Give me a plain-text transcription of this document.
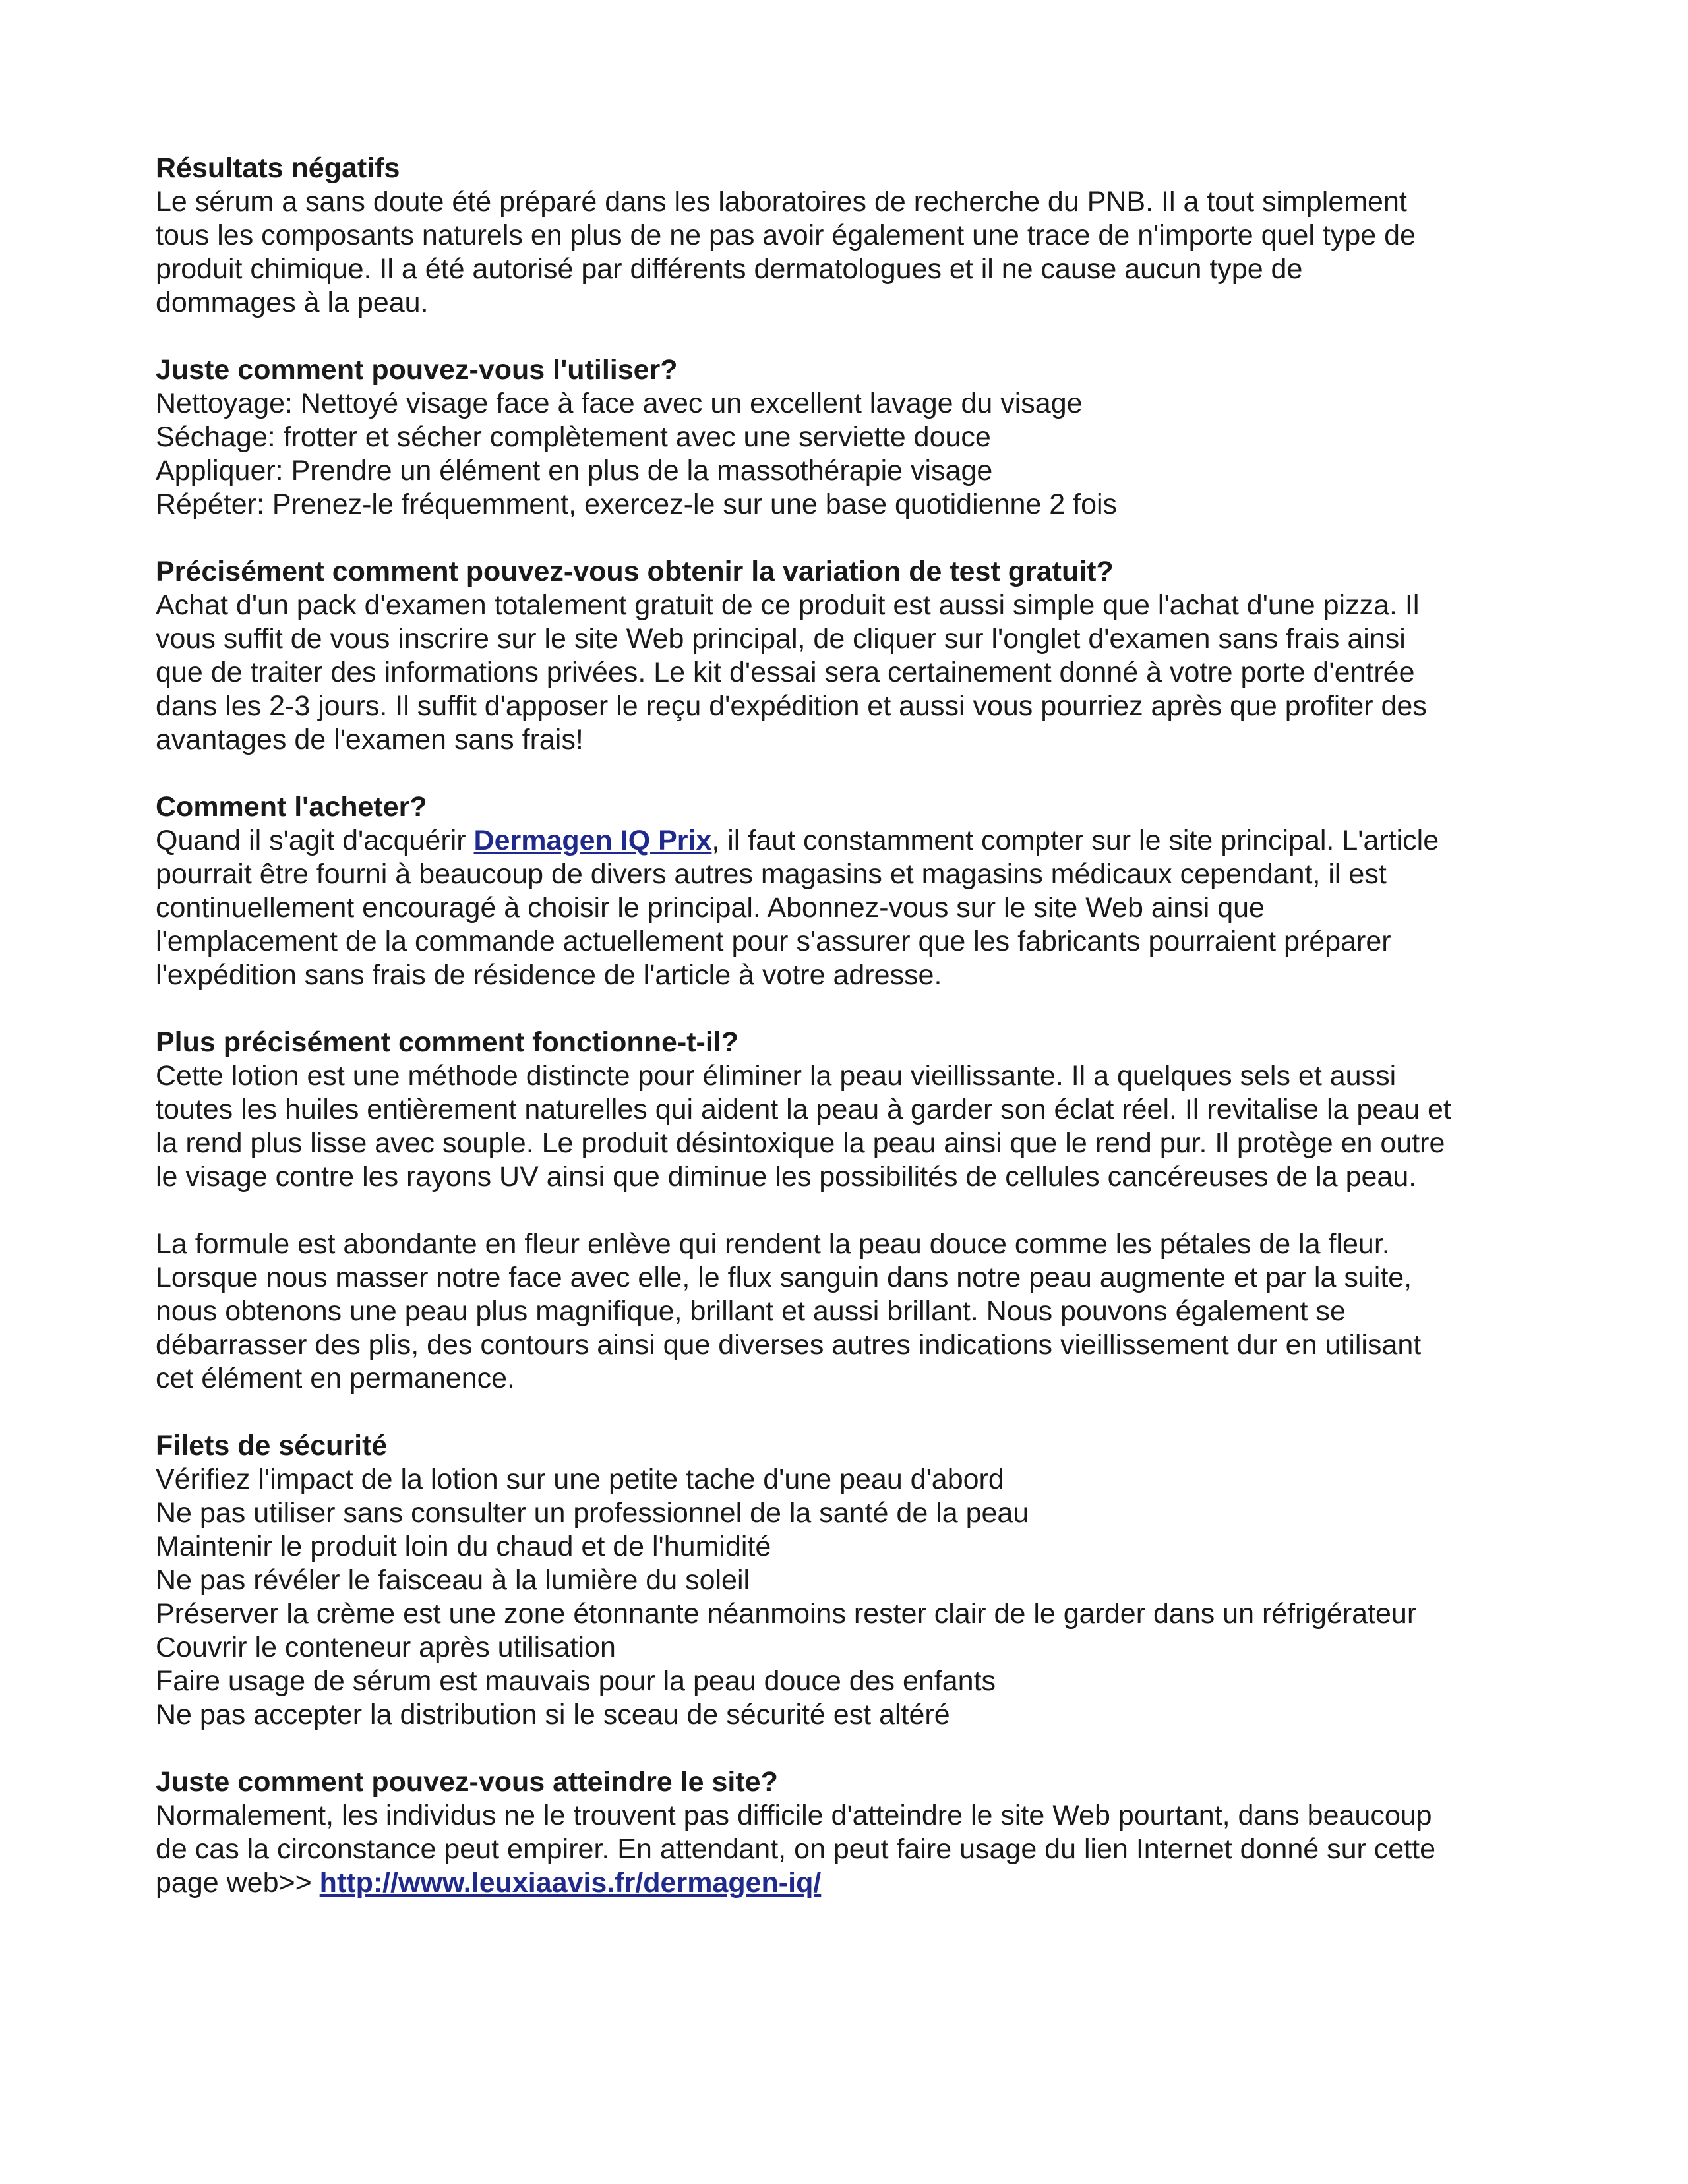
Résultats négatifs
Le sérum a sans doute été préparé dans les laboratoires de recherche du PNB. Il a tout simplement
tous les composants naturels en plus de ne pas avoir également une trace de n'importe quel type de
produit chimique. Il a été autorisé par différents dermatologues et il ne cause aucun type de
dommages à la peau.
Juste comment pouvez-vous l'utiliser?
Nettoyage: Nettoyé visage face à face avec un excellent lavage du visage
Séchage: frotter et sécher complètement avec une serviette douce
Appliquer: Prendre un élément en plus de la massothérapie visage
Répéter: Prenez-le fréquemment, exercez-le sur une base quotidienne 2 fois
Précisément comment pouvez-vous obtenir la variation de test gratuit?
Achat d'un pack d'examen totalement gratuit de ce produit est aussi simple que l'achat d'une pizza. Il
vous suffit de vous inscrire sur le site Web principal, de cliquer sur l'onglet d'examen sans frais ainsi
que de traiter des informations privées. Le kit d'essai sera certainement donné à votre porte d'entrée
dans les 2-3 jours. Il suffit d'apposer le reçu d'expédition et aussi vous pourriez après que profiter des
avantages de l'examen sans frais!
Comment l'acheter?
Quand il s'agit d'acquérir Dermagen IQ Prix, il faut constamment compter sur le site principal. L'article
pourrait être fourni à beaucoup de divers autres magasins et magasins médicaux cependant, il est
continuellement encouragé à choisir le principal. Abonnez-vous sur le site Web ainsi que
l'emplacement de la commande actuellement pour s'assurer que les fabricants pourraient préparer
l'expédition sans frais de résidence de l'article à votre adresse.
Plus précisément comment fonctionne-t-il?
Cette lotion est une méthode distincte pour éliminer la peau vieillissante. Il a quelques sels et aussi
toutes les huiles entièrement naturelles qui aident la peau à garder son éclat réel. Il revitalise la peau et
la rend plus lisse avec souple. Le produit désintoxique la peau ainsi que le rend pur. Il protège en outre
le visage contre les rayons UV ainsi que diminue les possibilités de cellules cancéreuses de la peau.
La formule est abondante en fleur enlève qui rendent la peau douce comme les pétales de la fleur.
Lorsque nous masser notre face avec elle, le flux sanguin dans notre peau augmente et par la suite,
nous obtenons une peau plus magnifique, brillant et aussi brillant. Nous pouvons également se
débarrasser des plis, des contours ainsi que diverses autres indications vieillissement dur en utilisant
cet élément en permanence.
Filets de sécurité
Vérifiez l'impact de la lotion sur une petite tache d'une peau d'abord
Ne pas utiliser sans consulter un professionnel de la santé de la peau
Maintenir le produit loin du chaud et de l'humidité
Ne pas révéler le faisceau à la lumière du soleil
Préserver la crème est une zone étonnante néanmoins rester clair de le garder dans un réfrigérateur
Couvrir le conteneur après utilisation
Faire usage de sérum est mauvais pour la peau douce des enfants
Ne pas accepter la distribution si le sceau de sécurité est altéré
Juste comment pouvez-vous atteindre le site?
Normalement, les individus ne le trouvent pas difficile d'atteindre le site Web pourtant, dans beaucoup
de cas la circonstance peut empirer. En attendant, on peut faire usage du lien Internet donné sur cette
page web>> http://www.leuxiaavis.fr/dermagen-iq/
